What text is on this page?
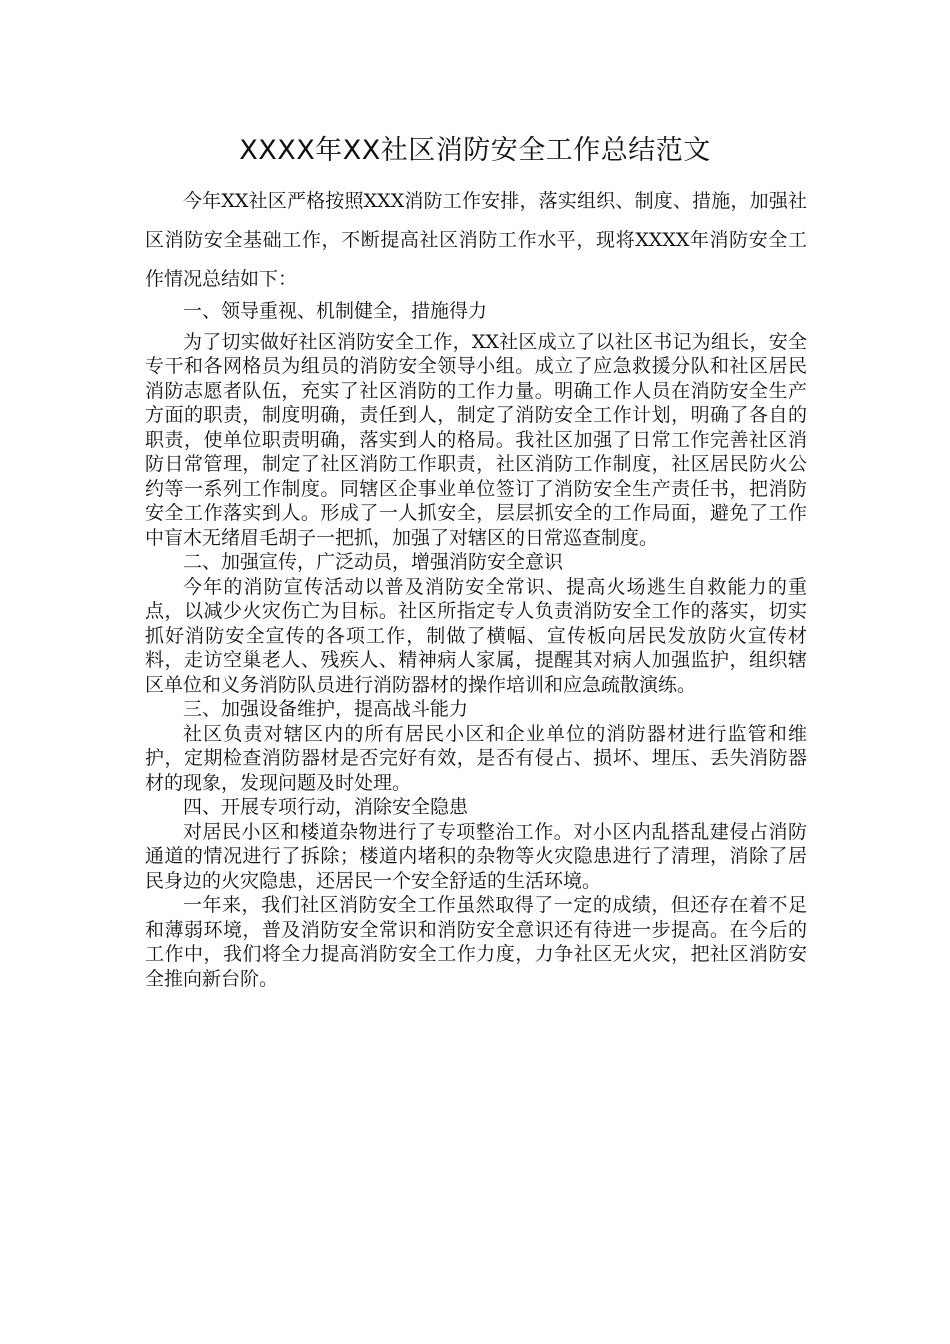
XXXX年XX社区消防安全工作总结范文

今年XX社区严格按照XXX消防工作安排，落实组织、制度、措施，加强社区消防安全基础工作，不断提高社区消防工作水平，现将XXXX年消防安全工作情况总结如下：

一、领导重视、机制健全，措施得力

为了切实做好社区消防安全工作，XX社区成立了以社区书记为组长，安全专干和各网格员为组员的消防安全领导小组。成立了应急救援分队和社区居民消防志愿者队伍，充实了社区消防的工作力量。明确工作人员在消防安全生产方面的职责，制度明确，责任到人，制定了消防安全工作计划，明确了各自的职责，使单位职责明确，落实到人的格局。我社区加强了日常工作完善社区消防日常管理，制定了社区消防工作职责，社区消防工作制度，社区居民防火公约等一系列工作制度。同辖区企事业单位签订了消防安全生产责任书，把消防安全工作落实到人。形成了一人抓安全，层层抓安全的工作局面，避免了工作中盲木无绪眉毛胡子一把抓，加强了对辖区的日常巡查制度。

二、加强宣传，广泛动员，增强消防安全意识

今年的消防宣传活动以普及消防安全常识、提高火场逃生自救能力的重点，以减少火灾伤亡为目标。社区所指定专人负责消防安全工作的落实，切实抓好消防安全宣传的各项工作，制做了横幅、宣传板向居民发放防火宣传材料，走访空巢老人、残疾人、精神病人家属，提醒其对病人加强监护，组织辖区单位和义务消防队员进行消防器材的操作培训和应急疏散演练。

三、加强设备维护，提高战斗能力

社区负责对辖区内的所有居民小区和企业单位的消防器材进行监管和维护，定期检查消防器材是否完好有效，是否有侵占、损坏、埋压、丢失消防器材的现象，发现问题及时处理。

四、开展专项行动，消除安全隐患

对居民小区和楼道杂物进行了专项整治工作。对小区内乱搭乱建侵占消防通道的情况进行了拆除；楼道内堵积的杂物等火灾隐患进行了清理，消除了居民身边的火灾隐患，还居民一个安全舒适的生活环境。

一年来，我们社区消防安全工作虽然取得了一定的成绩，但还存在着不足和薄弱环境，普及消防安全常识和消防安全意识还有待进一步提高。在今后的工作中，我们将全力提高消防安全工作力度，力争社区无火灾，把社区消防安全推向新台阶。
